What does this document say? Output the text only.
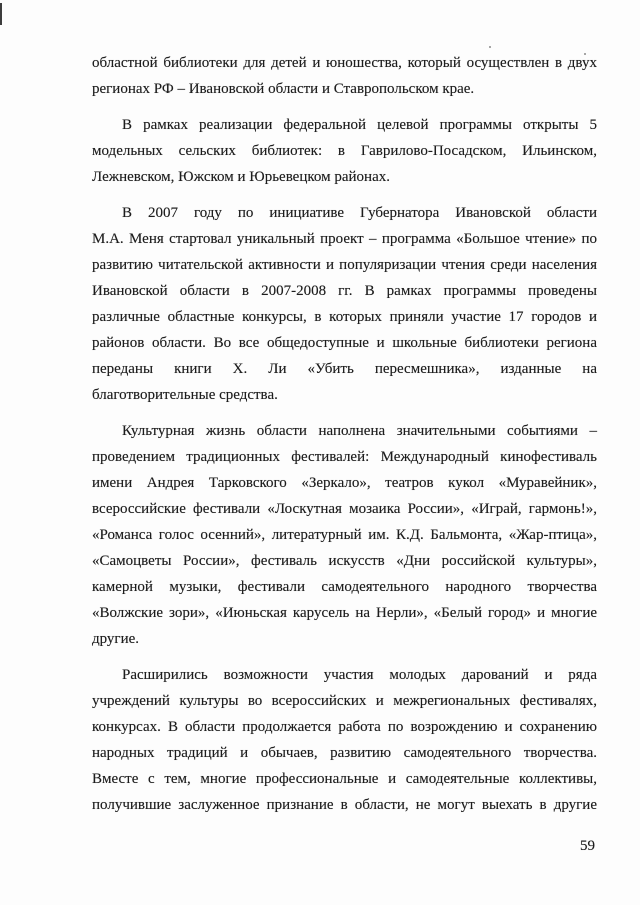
областной библиотеки для детей и юношества, который осуществлен в двух
регионах РФ – Ивановской области и Ставропольском крае.
В рамках реализации федеральной целевой программы открыты 5
модельных сельских библиотек: в Гаврилово-Посадском, Ильинском,
Лежневском, Южском и Юрьевецком районах.
В 2007 году по инициативе Губернатора Ивановской области
М.А. Меня стартовал уникальный проект – программа «Большое чтение» по
развитию читательской активности и популяризации чтения среди населения
Ивановской области в 2007-2008 гг. В рамках программы проведены
различные областные конкурсы, в которых приняли участие 17 городов и
районов области. Во все общедоступные и школьные библиотеки региона
переданы книги Х. Ли «Убить пересмешника», изданные на
благотворительные средства.
Культурная жизнь области наполнена значительными событиями –
проведением традиционных фестивалей: Международный кинофестиваль
имени Андрея Тарковского «Зеркало», театров кукол «Муравейник»,
всероссийские фестивали «Лоскутная мозаика России», «Играй, гармонь!»,
«Романса голос осенний», литературный им. К.Д. Бальмонта, «Жар-птица»,
«Самоцветы России», фестиваль искусств «Дни российской культуры»,
камерной музыки, фестивали самодеятельного народного творчества
«Волжские зори», «Июньская карусель на Нерли», «Белый город» и многие
другие.
Расширились возможности участия молодых дарований и ряда
учреждений культуры во всероссийских и межрегиональных фестивалях,
конкурсах. В области продолжается работа по возрождению и сохранению
народных традиций и обычаев, развитию самодеятельного творчества.
Вместе с тем, многие профессиональные и самодеятельные коллективы,
получившие заслуженное признание в области, не могут выехать в другие
59
